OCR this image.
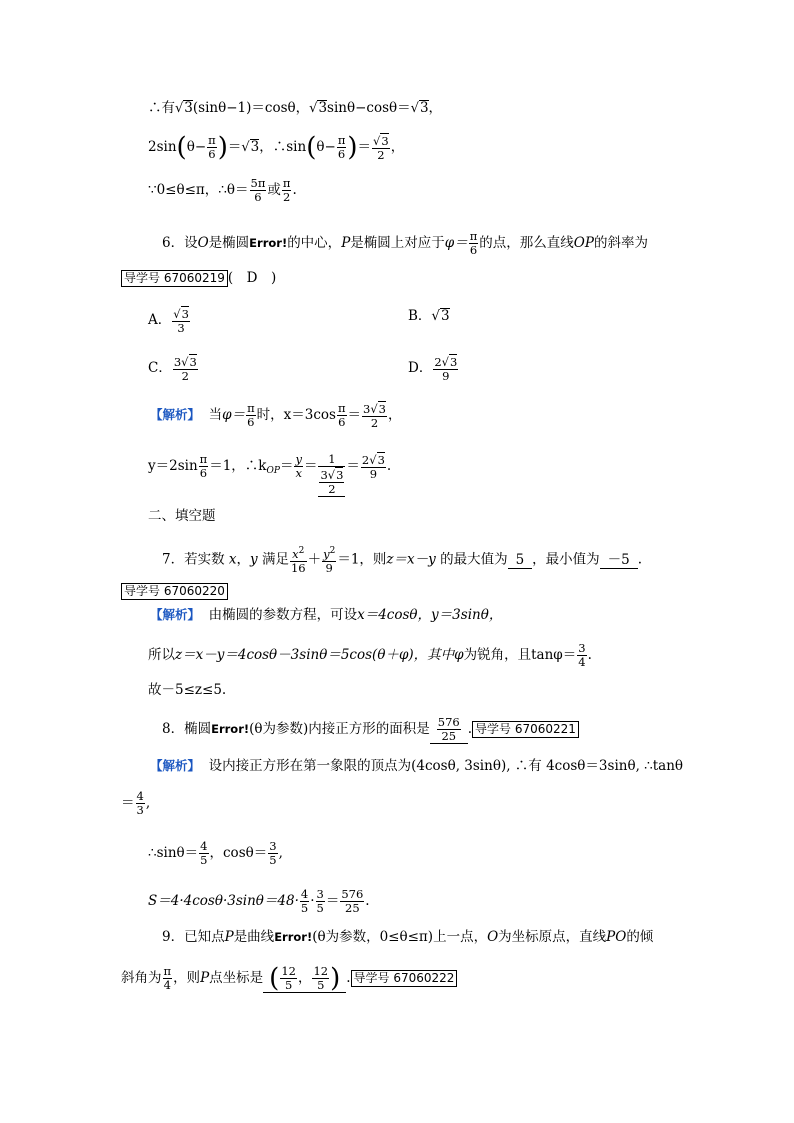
∴有√3(sinθ−1)＝cosθ，√3sinθ−cosθ＝√3，
$2\sin(\theta- \frac{\pi}{6} )=√3$，∴sin(θ− $\frac{\pi}{6}$ )＝ $\frac{√3}{2}$ ，
∵0≤θ≤π，∴θ＝ $\frac{5\pi}{6}$ 或 $\frac{\pi}{2}$ .
6．设O是椭圆Error!的中心，P是椭圆上对应于$\varphi= \frac{\pi}{6}$ 的点，那么直线OP的斜率为
导学号 67060219 (　D　)
A． $\frac{√3}{3}$	B．√3
C． $\frac{3√3}{2}$	D． $\frac{2√3}{9}$
【解析】 当$\varphi= \frac{\pi}{6}$ 时，$x=3\cos \frac{\pi}{6} = \frac{3√3}{2}$ ，
$y=2\sin \frac{\pi}{6} =1$，$\therefore k_{OP}= \frac{y}{x} = \frac{1}{\frac{3√3}{2}} = \frac{2√3}{9}$ .
二、填空题
7．若实数 x，y 满足 $\frac{x^2}{16} + \frac{y^2}{9} =1$，则z＝x－y 的最大值为 5 ，最小值为 －5 .
导学号 67060220
【解析】 由椭圆的参数方程，可设x＝4cosθ，y＝3sinθ，
所以z＝x－y＝4cosθ－3sinθ＝5cos(θ＋φ)，其中φ为锐角，且$\tan\varphi= \frac{3}{4}$ .
故－5≤z≤5.
8．椭圆Error!(θ为参数)内接正方形的面积是 $\frac{576}{25}$ . 导学号 67060221
【解析】 设内接正方形在第一象限的顶点为(4cosθ, 3sinθ), ∴有 4cosθ＝3sinθ, ∴tanθ
＝ $\frac{4}{3}$ ,
∴sinθ＝ $\frac{4}{5}$ ，$\cos\theta= \frac{3}{5}$ ,
$S=4\cdot 4\cos\theta\cdot 3\sin\theta=48\cdot \frac{4}{5} \cdot \frac{3}{5} = \frac{576}{25}$ .
9．已知点P是曲线Error!(θ为参数，0≤θ≤π)上一点，O为坐标原点，直线PO的倾
斜角为 $\frac{\pi}{4}$ ，则P点坐标是 ( $\frac{12}{5}$ ， $\frac{12}{5}$ ) . 导学号 67060222
